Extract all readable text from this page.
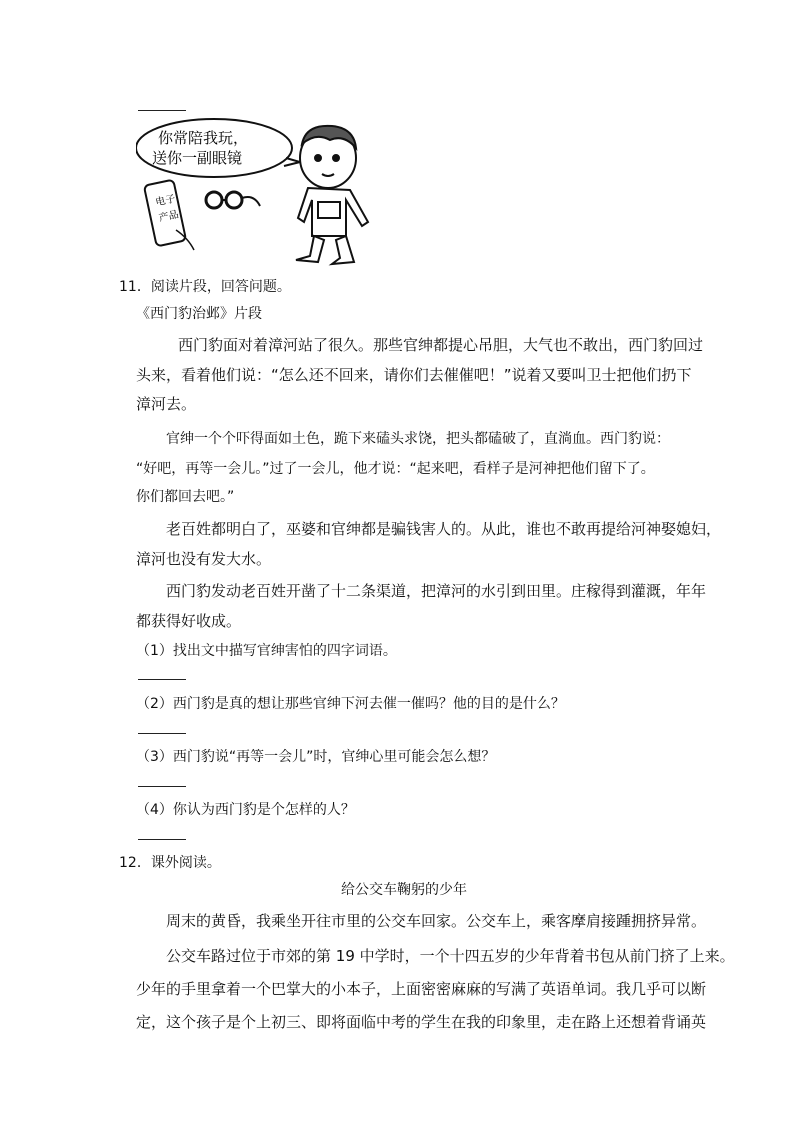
你常陪我玩，
送你一副眼镜
电子
产品
11．阅读片段，回答问题。
《西门豹治邺》片段
西门豹面对着漳河站了很久。那些官绅都提心吊胆，大气也不敢出，西门豹回过
头来，看着他们说：“怎么还不回来，请你们去催催吧！”说着又要叫卫士把他们扔下
漳河去。
官绅一个个吓得面如土色，跪下来磕头求饶，把头都磕破了，直淌血。西门豹说：
“好吧，再等一会儿。”过了一会儿，他才说：“起来吧，看样子是河神把他们留下了。
你们都回去吧。”
老百姓都明白了，巫婆和官绅都是骗钱害人的。从此，谁也不敢再提给河神娶媳妇，
漳河也没有发大水。
西门豹发动老百姓开凿了十二条渠道，把漳河的水引到田里。庄稼得到灌溉，年年
都获得好收成。
（1）找出文中描写官绅害怕的四字词语。
（2）西门豹是真的想让那些官绅下河去催一催吗？他的目的是什么？
（3）西门豹说“再等一会儿”时，官绅心里可能会怎么想？
（4）你认为西门豹是个怎样的人？
12．课外阅读。
给公交车鞠躬的少年
周末的黄昏，我乘坐开往市里的公交车回家。公交车上，乘客摩肩接踵拥挤异常。
公交车路过位于市郊的第 19 中学时，一个十四五岁的少年背着书包从前门挤了上来。
少年的手里拿着一个巴掌大的小本子，上面密密麻麻的写满了英语单词。我几乎可以断
定，这个孩子是个上初三、即将面临中考的学生在我的印象里，走在路上还想着背诵英
